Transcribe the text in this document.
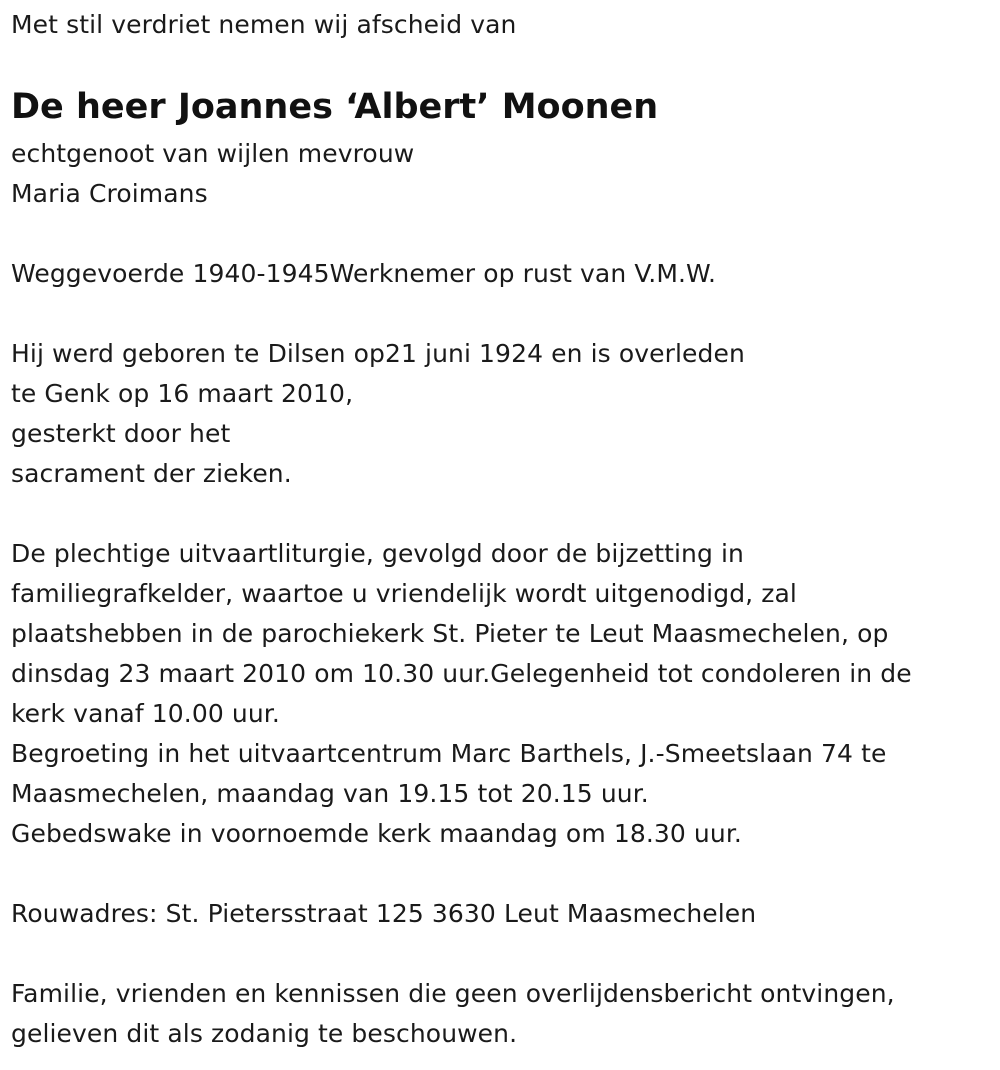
Met stil verdriet nemen wij afscheid van
De heer Joannes ‘Albert’ Moonen
echtgenoot van wijlen mevrouw
Maria Croimans
Weggevoerde 1940-1945Werknemer op rust van V.M.W.
Hij werd geboren te Dilsen op21 juni 1924 en is overleden
te Genk op 16 maart 2010,
gesterkt door het
sacrament der zieken.
De plechtige uitvaartliturgie, gevolgd door de bijzetting in
familiegrafkelder, waartoe u vriendelijk wordt uitgenodigd, zal
plaatshebben in de parochiekerk St. Pieter te Leut Maasmechelen, op
dinsdag 23 maart 2010 om 10.30 uur.Gelegenheid tot condoleren in de
kerk vanaf 10.00 uur.
Begroeting in het uitvaartcentrum Marc Barthels, J.-Smeetslaan 74 te
Maasmechelen, maandag van 19.15 tot 20.15 uur.
Gebedswake in voornoemde kerk maandag om 18.30 uur.
Rouwadres: St. Pietersstraat 125 3630 Leut Maasmechelen
Familie, vrienden en kennissen die geen overlijdensbericht ontvingen,
gelieven dit als zodanig te beschouwen.
